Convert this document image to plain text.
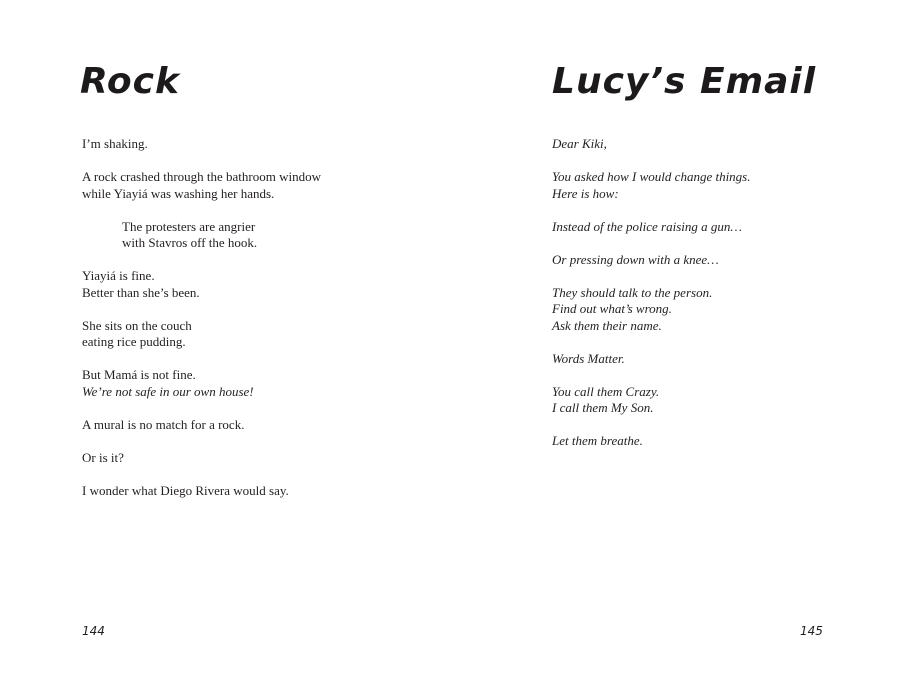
Rock
I’m shaking.
A rock crashed through the bathroom window
while Yiayiá was washing her hands.
The protesters are angrier
with Stavros off the hook.
Yiayiá is fine.
Better than she’s been.
She sits on the couch
eating rice pudding.
But Mamá is not fine.
We’re not safe in our own house!
A mural is no match for a rock.
Or is it?
I wonder what Diego Rivera would say.
144
Lucy’s Email
Dear Kiki,
You asked how I would change things.
Here is how:
Instead of the police raising a gun…
Or pressing down with a knee…
They should talk to the person.
Find out what’s wrong.
Ask them their name.
Words Matter.
You call them Crazy.
I call them My Son.
Let them breathe.
145
